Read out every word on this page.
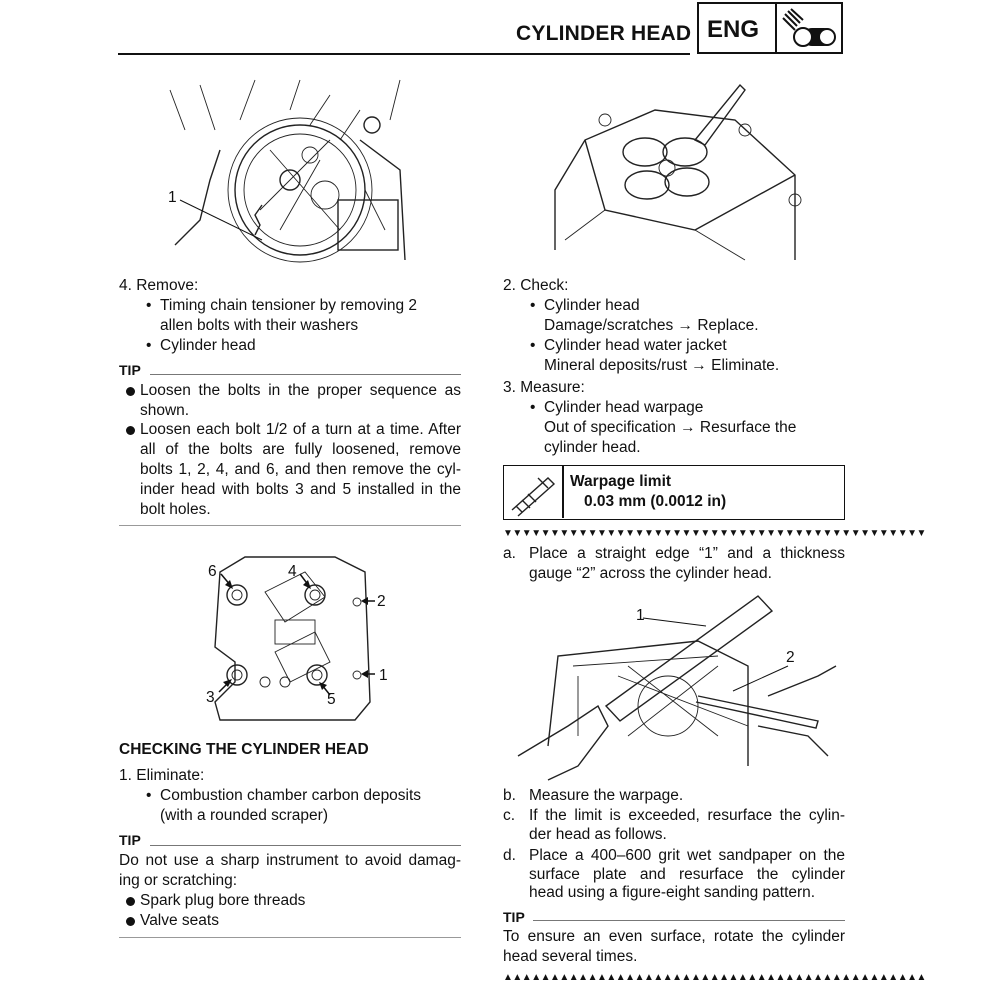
CYLINDER HEAD ENG
1
4. Remove:
• Timing chain tensioner by removing 2
allen bolts with their washers
• Cylinder head
TIP
Loosen the bolts in the proper sequence as
shown.
Loosen each bolt 1/2 of a turn at a time. After
all of the bolts are fully loosened, remove
bolts 1, 2, 4, and 6, and then remove the cyl-
inder head with bolts 3 and 5 installed in the
bolt holes.
6	4
2
1
3	5
CHECKING THE CYLINDER HEAD
1. Eliminate:
• Combustion chamber carbon deposits
(with a rounded scraper)
TIP
Do not use a sharp instrument to avoid damag-
ing or scratching:
Spark plug bore threads
Valve seats
2. Check:
• Cylinder head
Damage/scratches → Replace.
• Cylinder head water jacket
Mineral deposits/rust → Eliminate.
3. Measure:
• Cylinder head warpage
Out of specification → Resurface the
cylinder head.
Warpage limit
0.03 mm (0.0012 in)
▼▼▼▼▼▼▼▼▼▼▼▼▼▼▼▼▼▼▼▼▼▼▼▼▼▼▼▼▼▼▼▼▼▼▼▼▼▼▼▼▼▼▼▼▼
a. Place a straight edge “1” and a thickness
gauge “2” across the cylinder head.
1
2
b. Measure the warpage.
c. If the limit is exceeded, resurface the cylin-
der head as follows.
d. Place a 400–600 grit wet sandpaper on the
surface plate and resurface the cylinder
head using a figure-eight sanding pattern.
TIP
To ensure an even surface, rotate the cylinder
head several times.
▲▲▲▲▲▲▲▲▲▲▲▲▲▲▲▲▲▲▲▲▲▲▲▲▲▲▲▲▲▲▲▲▲▲▲▲▲▲▲▲▲▲▲▲▲
